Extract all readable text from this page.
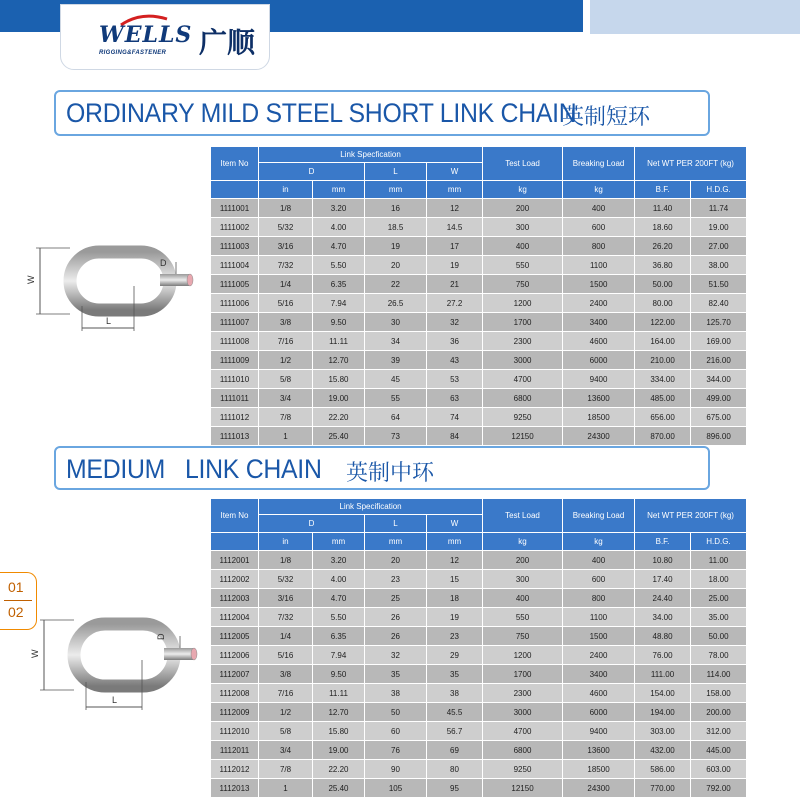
WELLS
RIGGING&FASTENER 广顺
ORDINARY MILD STEEL SHORT LINK CHAIN
英制短环
W
L
D
Item No	Link Specfication				Test Load	Breaking Load	Net WT PER 200FT (kg)	
	D		L	W				
	in	mm	mm	mm	kg	kg	B.F.	H.D.G.
1111001	1/8	3.20	16	12	200	400	11.40	11.74
1111002	5/32	4.00	18.5	14.5	300	600	18.60	19.00
1111003	3/16	4.70	19	17	400	800	26.20	27.00
1111004	7/32	5.50	20	19	550	1100	36.80	38.00
1111005	1/4	6.35	22	21	750	1500	50.00	51.50
1111006	5/16	7.94	26.5	27.2	1200	2400	80.00	82.40
1111007	3/8	9.50	30	32	1700	3400	122.00	125.70
1111008	7/16	11.11	34	36	2300	4600	164.00	169.00
1111009	1/2	12.70	39	43	3000	6000	210.00	216.00
1111010	5/8	15.80	45	53	4700	9400	334.00	344.00
1111011	3/4	19.00	55	63	6800	13600	485.00	499.00
1111012	7/8	22.20	64	74	9250	18500	656.00	675.00
1111013	1	25.40	73	84	12150	24300	870.00	896.00
MEDIUM   LINK CHAIN 英制中环
01
02
W
L
D
Item No	Link Specification				Test Load	Breaking Load	Net WT PER 200FT (kg)	
	D		L	W				
	in	mm	mm	mm	kg	kg	B.F.	H.D.G.
1112001	1/8	3.20	20	12	200	400	10.80	11.00
1112002	5/32	4.00	23	15	300	600	17.40	18.00
1112003	3/16	4.70	25	18	400	800	24.40	25.00
1112004	7/32	5.50	26	19	550	1100	34.00	35.00
1112005	1/4	6.35	26	23	750	1500	48.80	50.00
1112006	5/16	7.94	32	29	1200	2400	76.00	78.00
1112007	3/8	9.50	35	35	1700	3400	111.00	114.00
1112008	7/16	11.11	38	38	2300	4600	154.00	158.00
1112009	1/2	12.70	50	45.5	3000	6000	194.00	200.00
1112010	5/8	15.80	60	56.7	4700	9400	303.00	312.00
1112011	3/4	19.00	76	69	6800	13600	432.00	445.00
1112012	7/8	22.20	90	80	9250	18500	586.00	603.00
1112013	1	25.40	105	95	12150	24300	770.00	792.00
